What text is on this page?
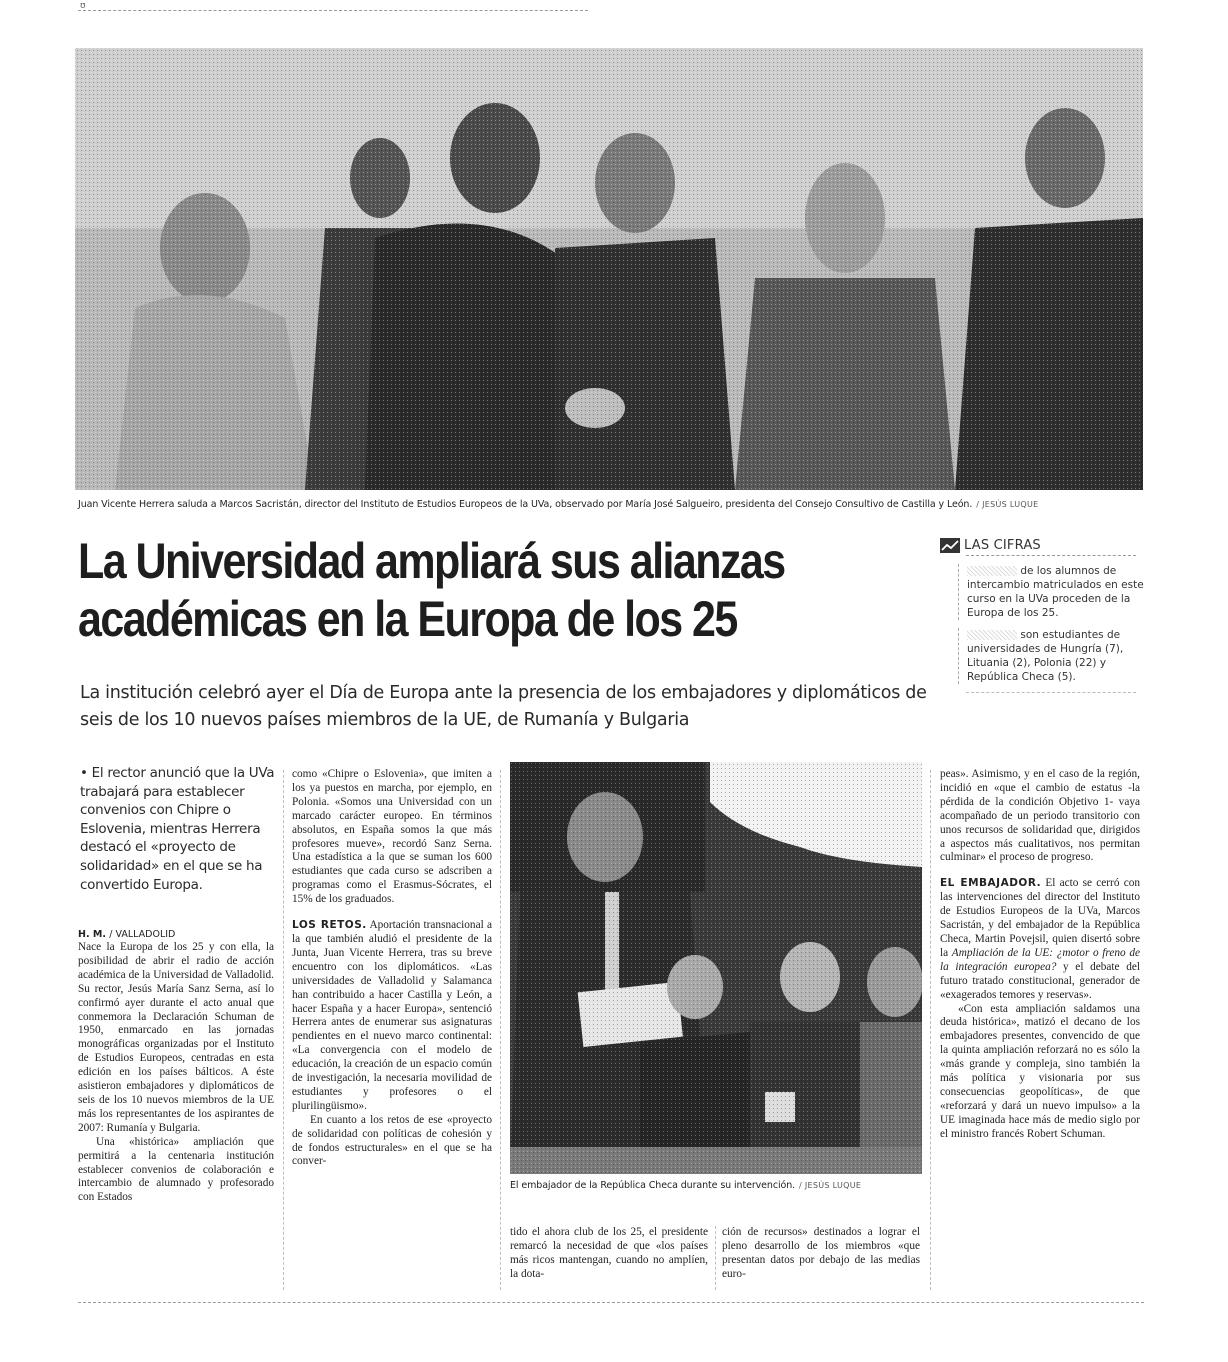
ʊ
Juan Vicente Herrera saluda a Marcos Sacristán, director del Instituto de Estudios Europeos de la UVa, observado por María José Salgueiro, presidenta del Consejo Consultivo de Castilla y León. / JESÚS LUQUE
La Universidad ampliará sus alianzas
académicas en la Europa de los 25
La institución celebró ayer el Día de Europa ante la presencia de los embajadores y diplomáticos de seis de los 10 nuevos países miembros de la UE, de Rumanía y Bulgaria
LAS CIFRAS
de los alumnos de intercambio matriculados en este curso en la UVa proceden de la Europa de los 25.
son estudiantes de universidades de Hungría (7), Lituania (2), Polonia (22) y República Checa (5).
• El rector anunció que la UVa trabajará para establecer convenios con Chipre o Eslovenia, mientras Herrera destacó el «proyecto de solidaridad» en el que se ha convertido Europa.
H. M. / VALLADOLID

Nace la Europa de los 25 y con ella, la posibilidad de abrir el radio de acción académica de la Universidad de Valladolid. Su rector, Jesús María Sanz Serna, así lo confirmó ayer durante el acto anual que conmemora la Declaración Schuman de 1950, enmarcado en las jornadas monográficas organizadas por el Instituto de Estudios Europeos, centradas en esta edición en los países bálticos. A éste asistieron embajadores y diplomáticos de seis de los 10 nuevos miembros de la UE más los representantes de los aspirantes de 2007: Rumanía y Bulgaria.

Una «histórica» ampliación que permitirá a la centenaria institución establecer convenios de colaboración e intercambio de alumnado y profesorado con Estados

como «Chipre o Eslovenia», que imiten a los ya puestos en marcha, por ejemplo, en Polonia. «Somos una Universidad con un marcado carácter europeo. En términos absolutos, en España somos la que más profesores mueve», recordó Sanz Serna. Una estadística a la que se suman los 600 estudiantes que cada curso se adscriben a programas como el Erasmus-Sócrates, el 15% de los graduados.

LOS RETOS. Aportación transnacional a la que también aludió el presidente de la Junta, Juan Vicente Herrera, tras su breve encuentro con los diplomáticos. «Las universidades de Valladolid y Salamanca han contribuido a hacer Castilla y León, a hacer España y a hacer Europa», sentenció Herrera antes de enumerar sus asignaturas pendientes en el nuevo marco continental: «La convergencia con el modelo de educación, la creación de un espacio común de investigación, la necesaria movilidad de estudiantes y profesores o el plurilingüismo».

En cuanto a los retos de ese «proyecto de solidaridad con políticas de cohesión y de fondos estructurales» en el que se ha conver-

El embajador de la República Checa durante su intervención. / JESÚS LUQUE

tido el ahora club de los 25, el presidente remarcó la necesidad de que «los países más ricos mantengan, cuando no amplíen, la dota-

ción de recursos» destinados a lograr el pleno desarrollo de los miembros «que presentan datos por debajo de las medias euro-

peas». Asimismo, y en el caso de la región, incidió en «que el cambio de estatus -la pérdida de la condición Objetivo 1- vaya acompañado de un periodo transitorio con unos recursos de solidaridad que, dirigidos a aspectos más cualitativos, nos permitan culminar» el proceso de progreso.

EL EMBAJADOR. El acto se cerró con las intervenciones del director del Instituto de Estudios Europeos de la UVa, Marcos Sacristán, y del embajador de la República Checa, Martin Povejsil, quien disertó sobre la Ampliación de la UE: ¿motor o freno de la integración europea? y el debate del futuro tratado constitucional, generador de «exagerados temores y reservas».

«Con esta ampliación saldamos una deuda histórica», matizó el decano de los embajadores presentes, convencido de que la quinta ampliación reforzará no es sólo la «más grande y compleja, sino también la más política y visionaria por sus consecuencias geopolíticas», de que «reforzará y dará un nuevo impulso» a la UE imaginada hace más de medio siglo por el ministro francés Robert Schuman.
